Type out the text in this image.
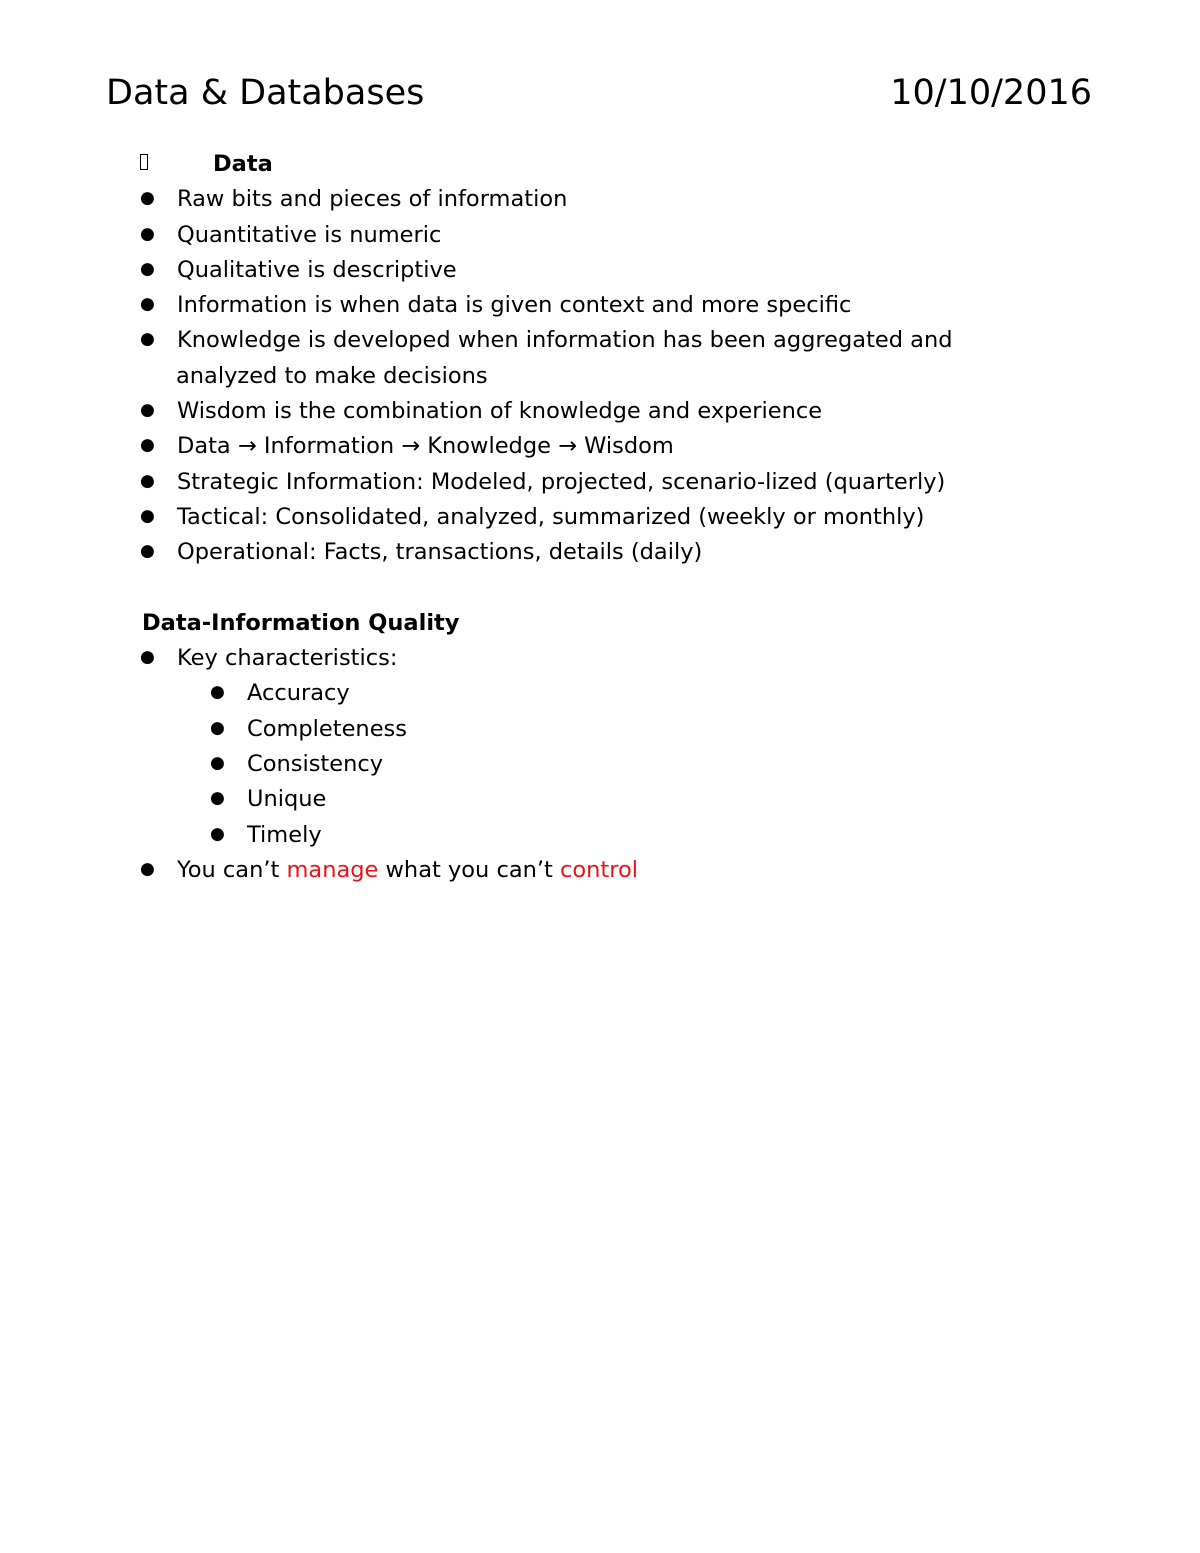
Data & Databases	10/10/2016
Data
● Raw bits and pieces of information
● Quantitative is numeric
● Qualitative is descriptive
● Information is when data is given context and more specific
● Knowledge is developed when information has been aggregated and
analyzed to make decisions
● Wisdom is the combination of knowledge and experience
● Data → Information → Knowledge → Wisdom
● Strategic Information: Modeled, projected, scenario-lized (quarterly)
● Tactical: Consolidated, analyzed, summarized (weekly or monthly)
● Operational: Facts, transactions, details (daily)
Data-Information Quality
● Key characteristics:
● Accuracy
● Completeness
● Consistency
● Unique
● Timely
● You can’t manage what you can’t control
